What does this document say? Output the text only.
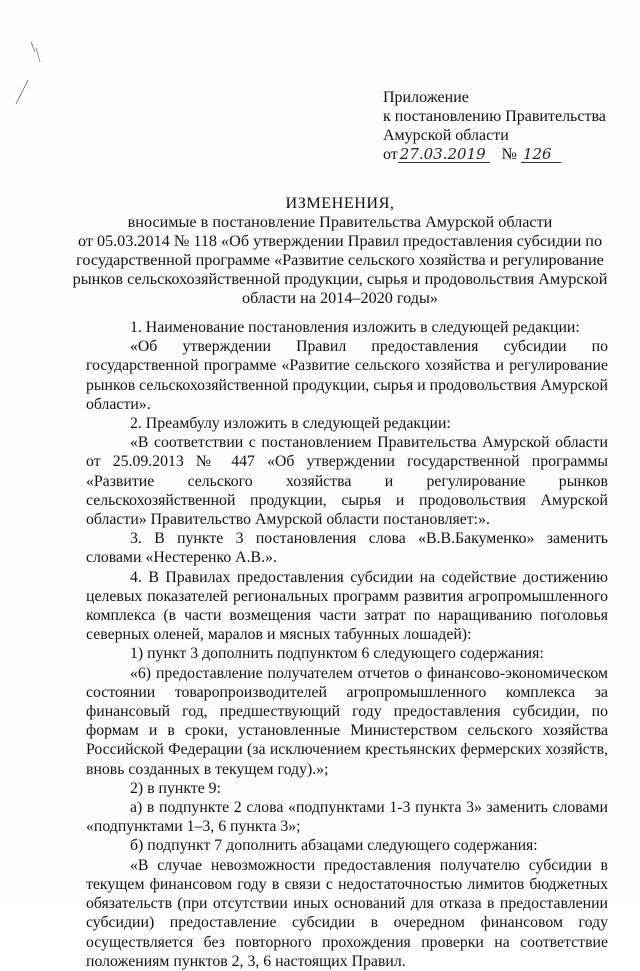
Приложение
к постановлению Правительства
Амурской области
от 27.03.2019 № 126
ИЗМЕНЕНИЯ,
вносимые в постановление Правительства Амурской области
от 05.03.2014 № 118 «Об утверждении Правил предоставления субсидии по
государственной программе «Развитие сельского хозяйства и регулирование
рынков сельскохозяйственной продукции, сырья и продовольствия Амурской
области на 2014–2020 годы»

1. Наименование постановления изложить в следующей редакции:

«Об утверждении Правил предоставления субсидии по государственной программе «Развитие сельского хозяйства и регулирование рынков сельскохозяйственной продукции, сырья и продовольствия Амурской области».

2. Преамбулу изложить в следующей редакции:

«В соответствии с постановлением Правительства Амурской области от 25.09.2013 № 447 «Об утверждении государственной программы «Развитие сельского хозяйства и регулирование рынков сельскохозяйственной продукции, сырья и продовольствия Амурской области» Правительство Амурской области постановляет:».

3. В пункте 3 постановления слова «В.В.Бакуменко» заменить словами «Нестеренко А.В.».

4. В Правилах предоставления субсидии на содействие достижению целевых показателей региональных программ развития агропромышленного комплекса (в части возмещения части затрат по наращиванию поголовья северных оленей, маралов и мясных табунных лошадей):

1) пункт 3 дополнить подпунктом 6 следующего содержания:

«6) предоставление получателем отчетов о финансово-экономическом состоянии товаропроизводителей агропромышленного комплекса за финансовый год, предшествующий году предоставления субсидии, по формам и в сроки, установленные Министерством сельского хозяйства Российской Федерации (за исключением крестьянских фермерских хозяйств, вновь созданных в текущем году).»;

2) в пункте 9:

а) в подпункте 2 слова «подпунктами 1-3 пункта 3» заменить словами «подпунктами 1–3, 6 пункта 3»;

б) подпункт 7 дополнить абзацами следующего содержания:

«В случае невозможности предоставления получателю субсидии в текущем финансовом году в связи с недостаточностью лимитов бюджетных обязательств (при отсутствии иных оснований для отказа в предоставлении субсидии) предоставление субсидии в очередном финансовом году осуществляется без повторного прохождения проверки на соответствие положениям пунктов 2, 3, 6 настоящих Правил.
